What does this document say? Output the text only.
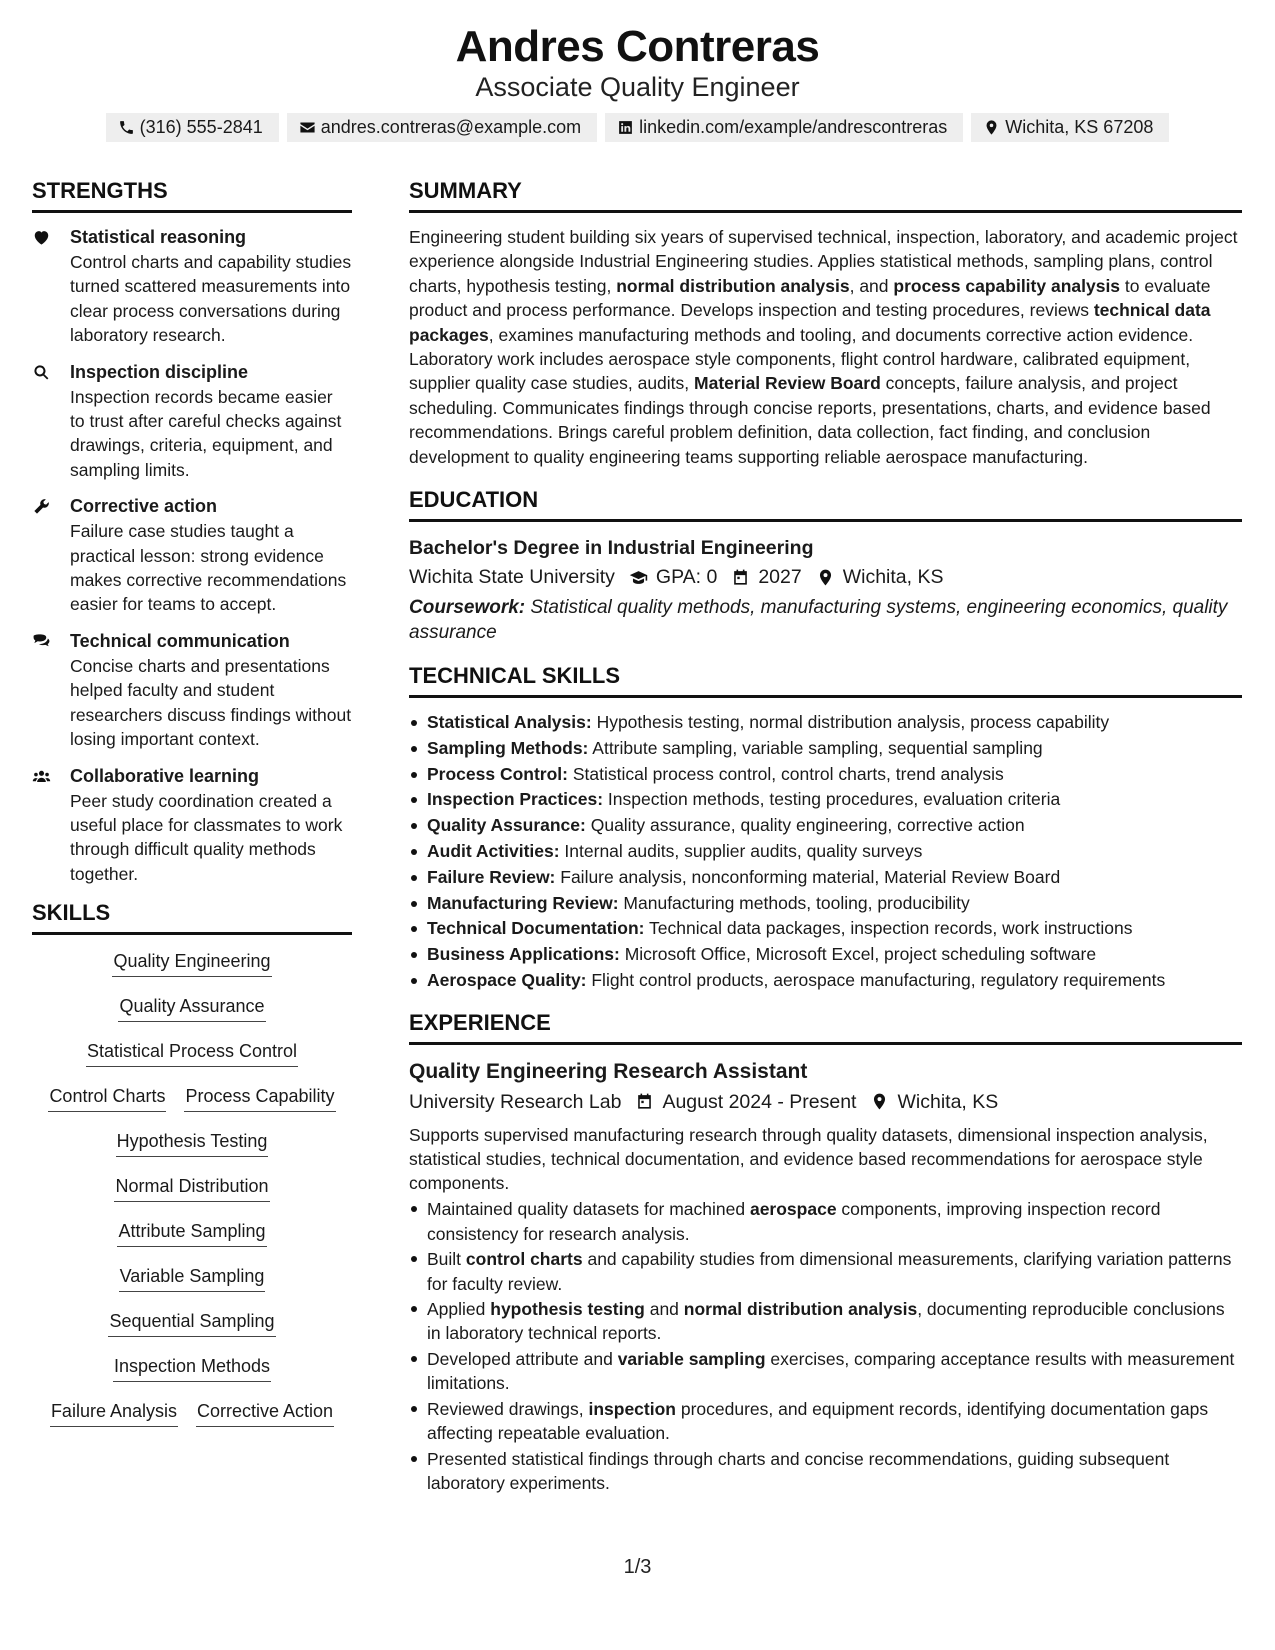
Andres Contreras
Associate Quality Engineer
(316) 555-2841	andres.contreras@example.com	linkedin.com/example/andrescontreras	Wichita, KS 67208
STRENGTHS
Statistical reasoning
Control charts and capability studies turned scattered measurements into clear process conversations during laboratory research.
Inspection discipline
Inspection records became easier to trust after careful checks against drawings, criteria, equipment, and sampling limits.
Corrective action
Failure case studies taught a practical lesson: strong evidence makes corrective recommendations easier for teams to accept.
Technical communication
Concise charts and presentations helped faculty and student researchers discuss findings without losing important context.
Collaborative learning
Peer study coordination created a useful place for classmates to work through difficult quality methods together.
SKILLS
Quality Engineering
Quality Assurance
Statistical Process Control
Control Charts Process Capability
Hypothesis Testing
Normal Distribution
Attribute Sampling
Variable Sampling
Sequential Sampling
Inspection Methods
Failure Analysis Corrective Action
SUMMARY
Engineering student building six years of supervised technical, inspection, laboratory, and academic project experience alongside Industrial Engineering studies. Applies statistical methods, sampling plans, control charts, hypothesis testing, normal distribution analysis, and process capability analysis to evaluate product and process performance. Develops inspection and testing procedures, reviews technical data packages, examines manufacturing methods and tooling, and documents corrective action evidence. Laboratory work includes aerospace style components, flight control hardware, calibrated equipment, supplier quality case studies, audits, Material Review Board concepts, failure analysis, and project scheduling. Communicates findings through concise reports, presentations, charts, and evidence based recommendations. Brings careful problem definition, data collection, fact finding, and conclusion development to quality engineering teams supporting reliable aerospace manufacturing.
EDUCATION
Bachelor's Degree in Industrial Engineering
Wichita State University GPA: 0 2027 Wichita, KS
Coursework: Statistical quality methods, manufacturing systems, engineering economics, quality assurance
TECHNICAL SKILLS
Statistical Analysis: Hypothesis testing, normal distribution analysis, process capability
Sampling Methods: Attribute sampling, variable sampling, sequential sampling
Process Control: Statistical process control, control charts, trend analysis
Inspection Practices: Inspection methods, testing procedures, evaluation criteria
Quality Assurance: Quality assurance, quality engineering, corrective action
Audit Activities: Internal audits, supplier audits, quality surveys
Failure Review: Failure analysis, nonconforming material, Material Review Board
Manufacturing Review: Manufacturing methods, tooling, producibility
Technical Documentation: Technical data packages, inspection records, work instructions
Business Applications: Microsoft Office, Microsoft Excel, project scheduling software
Aerospace Quality: Flight control products, aerospace manufacturing, regulatory requirements
EXPERIENCE
Quality Engineering Research Assistant
University Research Lab August 2024 - Present Wichita, KS
Supports supervised manufacturing research through quality datasets, dimensional inspection analysis, statistical studies, technical documentation, and evidence based recommendations for aerospace style components.
Maintained quality datasets for machined aerospace components, improving inspection record consistency for research analysis.
Built control charts and capability studies from dimensional measurements, clarifying variation patterns for faculty review.
Applied hypothesis testing and normal distribution analysis, documenting reproducible conclusions in laboratory technical reports.
Developed attribute and variable sampling exercises, comparing acceptance results with measurement limitations.
Reviewed drawings, inspection procedures, and equipment records, identifying documentation gaps affecting repeatable evaluation.
Presented statistical findings through charts and concise recommendations, guiding subsequent laboratory experiments.
1/3
